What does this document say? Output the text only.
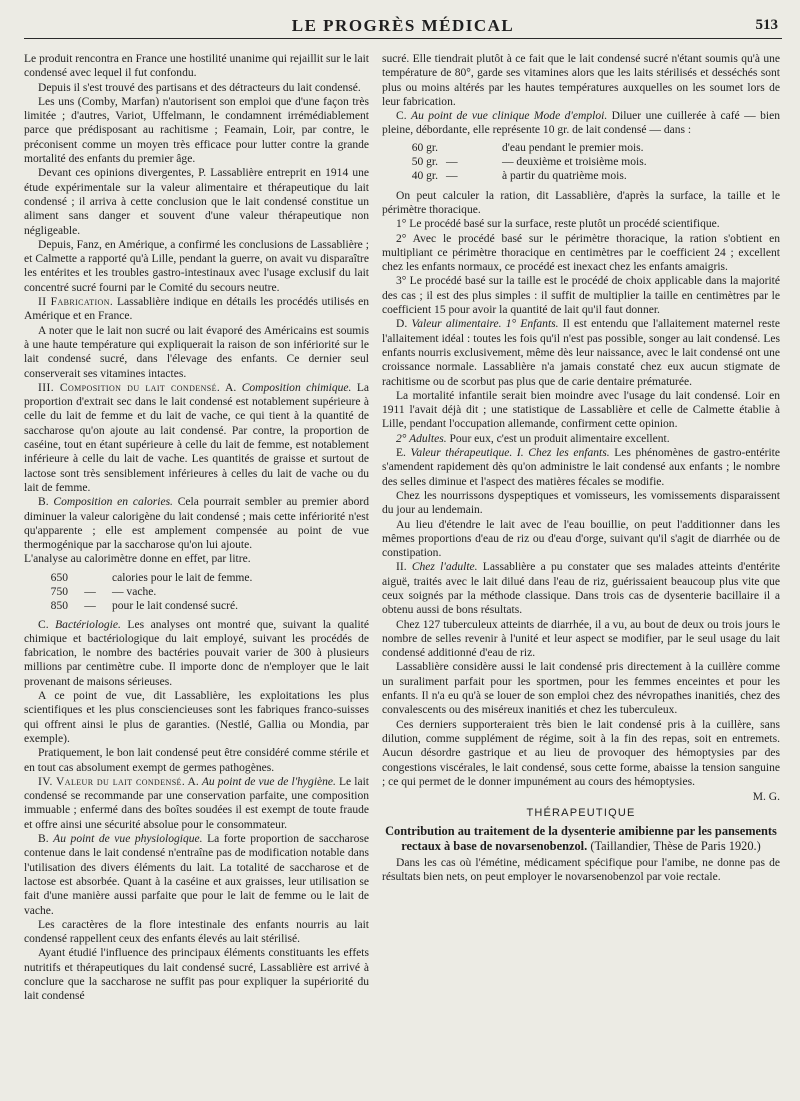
LE PROGRÈS MÉDICAL	513

Le produit rencontra en France une hostilité unanime qui rejaillit sur le lait condensé avec lequel il fut confondu.

Depuis il s'est trouvé des partisans et des détracteurs du lait condensé.

Les uns (Comby, Marfan) n'autorisent son emploi que d'une façon très limitée ; d'autres, Variot, Uffelmann, le condamnent irrémédiablement parce que prédisposant au rachitisme ; Feamain, Loir, par contre, le préconisent comme un moyen très efficace pour lutter contre la grande mortalité des enfants du premier âge.

Devant ces opinions divergentes, P. Lassablière entreprit en 1914 une étude expérimentale sur la valeur alimentaire et thérapeutique du lait condensé ; il arriva à cette conclusion que le lait condensé constitue un aliment sans danger et souvent d'une valeur thérapeutique non négligeable.

Depuis, Fanz, en Amérique, a confirmé les conclusions de Lassablière ; et Calmette a rapporté qu'à Lille, pendant la guerre, on avait vu disparaître les entérites et les troubles gastro-intestinaux avec l'usage exclusif du lait concentré sucré fourni par le Comité du secours neutre.

II Fabrication. Lassablière indique en détails les procédés utilisés en Amérique et en France.

A noter que le lait non sucré ou lait évaporé des Américains est soumis à une haute température qui expliquerait la raison de son infériorité sur le lait condensé sucré, dans l'élevage des enfants. Ce dernier seul conserverait ses vitamines intactes.

III. Composition du lait condensé. A. Composition chimique. La proportion d'extrait sec dans le lait condensé est notablement supérieure à celle du lait de femme et du lait de vache, ce qui tient à la quantité de saccharose qu'on ajoute au lait condensé. Par contre, la proportion de caséine, tout en étant supérieure à celle du lait de femme, est notablement inférieure à celle du lait de vache. Les quantités de graisse et surtout de lactose sont très sensiblement inférieures à celles du lait de vache ou du lait de femme.

B. Composition en calories. Cela pourrait sembler au premier abord diminuer la valeur calorigène du lait condensé ; mais cette infériorité n'est qu'apparente ; elle est amplement compensée au point de vue thermogénique par la saccharose qu'on lui ajoute.

L'analyse au calorimètre donne en effet, par litre.

650	calories pour le lait de femme.
750	—	— vache.
850	—	pour le lait condensé sucré.

C. Bactériologie. Les analyses ont montré que, suivant la qualité chimique et bactériologique du lait employé, suivant les procédés de fabrication, le nombre des bactéries pouvait varier de 300 à plusieurs millions par centimètre cube. Il importe donc de n'employer que le lait provenant de maisons sérieuses.

A ce point de vue, dit Lassablière, les exploitations les plus scientifiques et les plus consciencieuses sont les fabriques franco-suisses qui offrent ainsi le plus de garanties. (Nestlé, Gallia ou Mondia, par exemple).

Pratiquement, le bon lait condensé peut être considéré comme stérile et en tout cas absolument exempt de germes pathogènes.

IV. Valeur du lait condensé. A. Au point de vue de l'hygiène. Le lait condensé se recommande par une conservation parfaite, une composition immuable ; enfermé dans des boîtes soudées il est exempt de toute fraude et offre ainsi une sécurité absolue pour le consommateur.

B. Au point de vue physiologique. La forte proportion de saccharose contenue dans le lait condensé n'entraîne pas de modification notable dans l'utilisation des divers éléments du lait. La totalité de saccharose et de lactose est absorbée. Quant à la caséine et aux graisses, leur utilisation se fait d'une manière aussi parfaite que pour le lait de femme ou le lait de vache.

Les caractères de la flore intestinale des enfants nourris au lait condensé rappellent ceux des enfants élevés au lait stérilisé.

Ayant étudié l'influence des principaux éléments constituants les effets nutritifs et thérapeutiques du lait condensé sucré, Lassablière est arrivé à conclure que la saccharose ne suffit pas pour expliquer la supériorité du lait condensé

sucré. Elle tiendrait plutôt à ce fait que le lait condensé sucré n'étant soumis qu'à une température de 80°, garde ses vitamines alors que les laits stérilisés et desséchés sont plus ou moins altérés par les hautes températures auxquelles on les soumet lors de leur fabrication.

C. Au point de vue clinique Mode d'emploi. Diluer une cuillerée à café — bien pleine, débordante, elle représente 10 gr. de lait condensé — dans :

60 gr.	d'eau pendant le premier mois.
50 gr. —	— deuxième et troisième mois.
40 gr. —	à partir du quatrième mois.

On peut calculer la ration, dit Lassablière, d'après la surface, la taille et le périmètre thoracique.

1° Le procédé basé sur la surface, reste plutôt un procédé scientifique.

2° Avec le procédé basé sur le périmètre thoracique, la ration s'obtient en multipliant ce périmètre thoracique en centimètres par le coefficient 24 ; excellent chez les enfants normaux, ce procédé est inexact chez les enfants amaigris.

3° Le procédé basé sur la taille est le procédé de choix applicable dans la majorité des cas ; il est des plus simples : il suffit de multiplier la taille en centimètres par le coefficient 15 pour avoir la quantité de lait qu'il faut donner.

D. Valeur alimentaire. 1° Enfants. Il est entendu que l'allaitement maternel reste l'allaitement idéal : toutes les fois qu'il n'est pas possible, songer au lait condensé. Les enfants nourris exclusivement, même dès leur naissance, avec le lait condensé ont une croissance normale. Lassablière n'a jamais constaté chez eux aucun stigmate de rachitisme ou de scorbut pas plus que de carie dentaire prématurée.

La mortalité infantile serait bien moindre avec l'usage du lait condensé. Loir en 1911 l'avait déjà dit ; une statistique de Lassablière et celle de Calmette établie à Lille, pendant l'occupation allemande, confirment cette opinion.

2° Adultes. Pour eux, c'est un produit alimentaire excellent.

E. Valeur thérapeutique. I. Chez les enfants. Les phénomènes de gastro-entérite s'amendent rapidement dès qu'on administre le lait condensé aux enfants ; le nombre des selles diminue et l'aspect des matières fécales se modifie.

Chez les nourrissons dyspeptiques et vomisseurs, les vomissements disparaissent du jour au lendemain.

Au lieu d'étendre le lait avec de l'eau bouillie, on peut l'additionner dans les mêmes proportions d'eau de riz ou d'eau d'orge, suivant qu'il s'agit de diarrhée ou de constipation.

II. Chez l'adulte. Lassablière a pu constater que ses malades atteints d'entérite aiguë, traités avec le lait dilué dans l'eau de riz, guérissaient beaucoup plus vite que ceux soignés par la méthode classique. Dans trois cas de dysenterie bacillaire il a obtenu aussi de bons résultats.

Chez 127 tuberculeux atteints de diarrhée, il a vu, au bout de deux ou trois jours le nombre de selles revenir à l'unité et leur aspect se modifier, par le seul usage du lait condensé additionné d'eau de riz.

Lassablière considère aussi le lait condensé pris directement à la cuillère comme un suraliment parfait pour les sportmen, pour les femmes enceintes et pour les enfants. Il n'a eu qu'à se louer de son emploi chez des névropathes inanitiés, chez des convalescents ou des miséreux inanitiés et chez les tuberculeux.

Ces derniers supporteraient très bien le lait condensé pris à la cuillère, sans dilution, comme supplément de régime, soit à la fin des repas, soit en entremets. Aucun désordre gastrique et au lieu de provoquer des hémoptysies par des congestions viscérales, le lait condensé, sous cette forme, abaisse la tension sanguine ; ce qui permet de le donner impunément au cours des hémoptysies.

M. G.
THÉRAPEUTIQUE
Contribution au traitement de la dysenterie amibienne par les pansements rectaux à base de novarsenobenzol. (Taillandier, Thèse de Paris 1920.)

Dans les cas où l'émétine, médicament spécifique pour l'amibe, ne donne pas de résultats bien nets, on peut employer le novarsenobenzol par voie rectale.
